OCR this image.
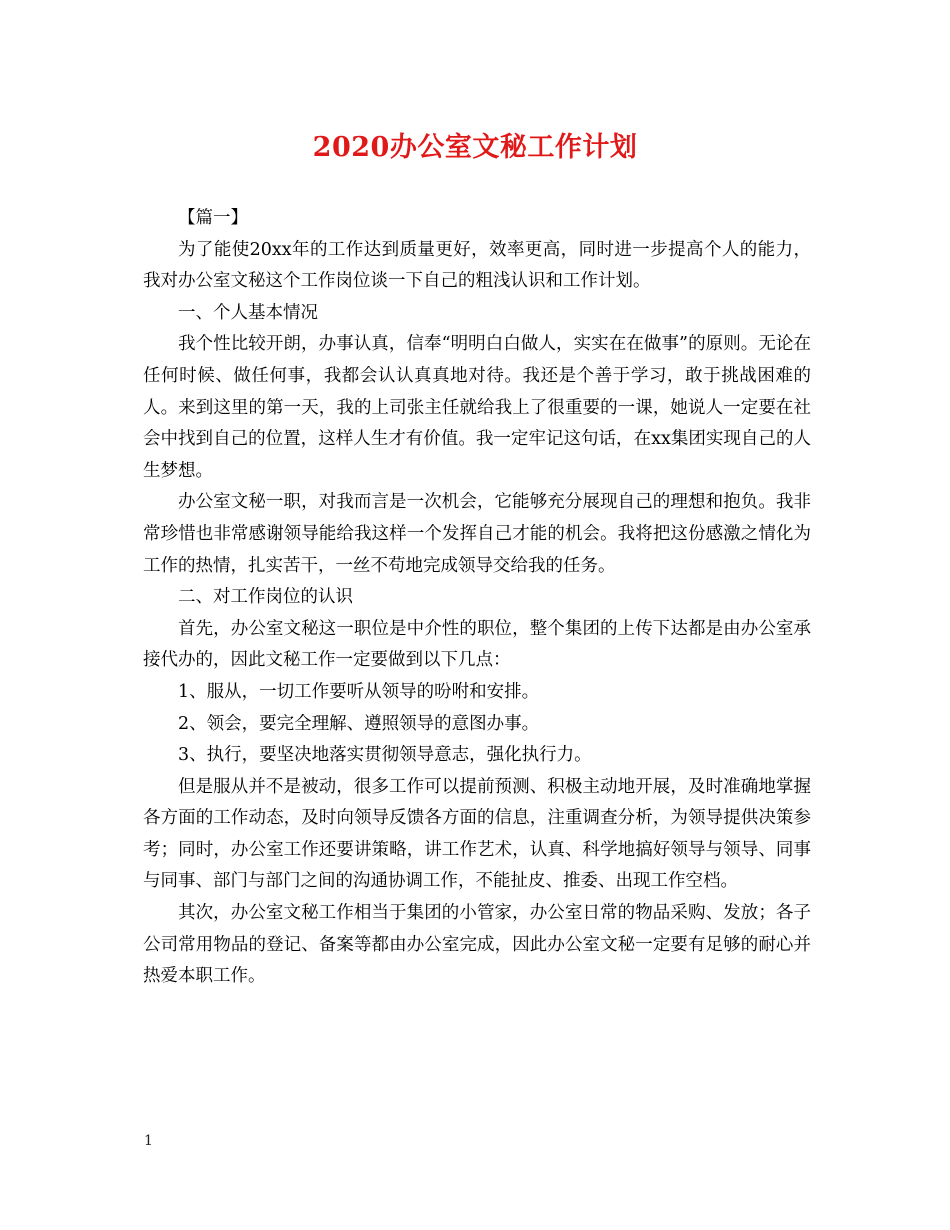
2020办公室文秘工作计划

【篇一】

为了能使20xx年的工作达到质量更好，效率更高，同时进一步提高个人的能力，我对办公室文秘这个工作岗位谈一下自己的粗浅认识和工作计划。

一、个人基本情况

我个性比较开朗，办事认真，信奉“明明白白做人，实实在在做事”的原则。无论在任何时候、做任何事，我都会认认真真地对待。我还是个善于学习，敢于挑战困难的人。来到这里的第一天，我的上司张主任就给我上了很重要的一课，她说人一定要在社会中找到自己的位置，这样人生才有价值。我一定牢记这句话，在xx集团实现自己的人生梦想。

办公室文秘一职，对我而言是一次机会，它能够充分展现自己的理想和抱负。我非常珍惜也非常感谢领导能给我这样一个发挥自己才能的机会。我将把这份感激之情化为工作的热情，扎实苦干，一丝不苟地完成领导交给我的任务。

二、对工作岗位的认识

首先，办公室文秘这一职位是中介性的职位，整个集团的上传下达都是由办公室承接代办的，因此文秘工作一定要做到以下几点：

1、服从，一切工作要听从领导的吩咐和安排。

2、领会，要完全理解、遵照领导的意图办事。

3、执行，要坚决地落实贯彻领导意志，强化执行力。

但是服从并不是被动，很多工作可以提前预测、积极主动地开展，及时准确地掌握各方面的工作动态，及时向领导反馈各方面的信息，注重调查分析，为领导提供决策参考；同时，办公室工作还要讲策略，讲工作艺术，认真、科学地搞好领导与领导、同事与同事、部门与部门之间的沟通协调工作，不能扯皮、推委、出现工作空档。

其次，办公室文秘工作相当于集团的小管家，办公室日常的物品采购、发放；各子公司常用物品的登记、备案等都由办公室完成，因此办公室文秘一定要有足够的耐心并热爱本职工作。

1
